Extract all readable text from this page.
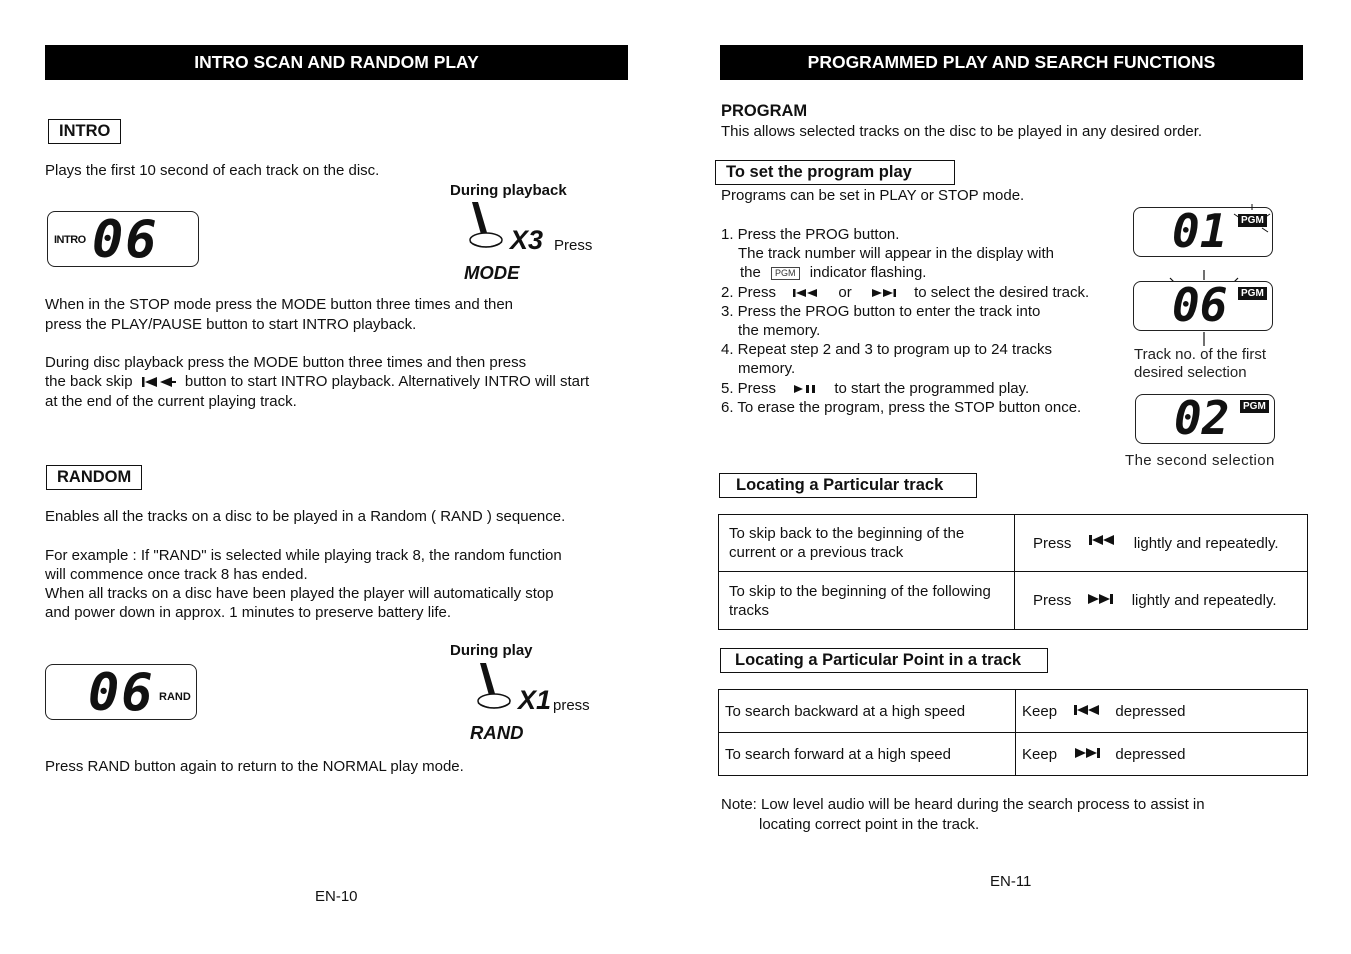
INTRO SCAN AND RANDOM PLAY
INTRO
Plays the first 10 second of each track on the disc.
INTRO 06
During playback
X3 Press
MODE
When in the STOP mode press the MODE button three times and then
press the PLAY/PAUSE button to start INTRO playback.
During disc playback press the MODE button three times and then press
the back skip	button to start INTRO playback. Alternatively INTRO will start
at the end of the current playing track.
RANDOM
Enables all the tracks on a disc to be played in a Random ( RAND ) sequence.
For example : If "RAND" is selected while playing track 8, the random function
will commence once track 8 has ended.
When all tracks on a disc have been played the player will automatically stop
and power down in approx. 1 minutes to preserve battery life.
06 RAND
During play
X1 press
RAND
Press RAND button again to return to the NORMAL play mode.
EN-10
PROGRAMMED PLAY AND SEARCH FUNCTIONS
PROGRAM
This allows selected tracks on the disc to be played in any desired order.
To set the program play
Programs can be set in PLAY or STOP mode.
1. Press the PROG button.
The track number will appear in the display with
the PGM indicator flashing.
2. Press	or	to select the desired track.
3. Press the PROG button to enter the track into
the memory.
4. Repeat step 2 and 3 to program up to 24 tracks
memory.
5. Press	to start the programmed play.
6. To erase the program, press the STOP button once.
01	PGM
06	PGM
Track no. of the first
desired selection
02	PGM
The second selection
Locating a Particular track
To skip back to the beginning of the
current or a previous track	Press lightly and repeatedly.

To skip to the beginning of the following
tracks	Press lightly and repeatedly.
Locating a Particular Point in a track
To search backward at a high speed	Keep depressed
To search forward at a high speed	Keep depressed
Note: Low level audio will be heard during the search process to assist in
locating correct point in the track.
EN-11
